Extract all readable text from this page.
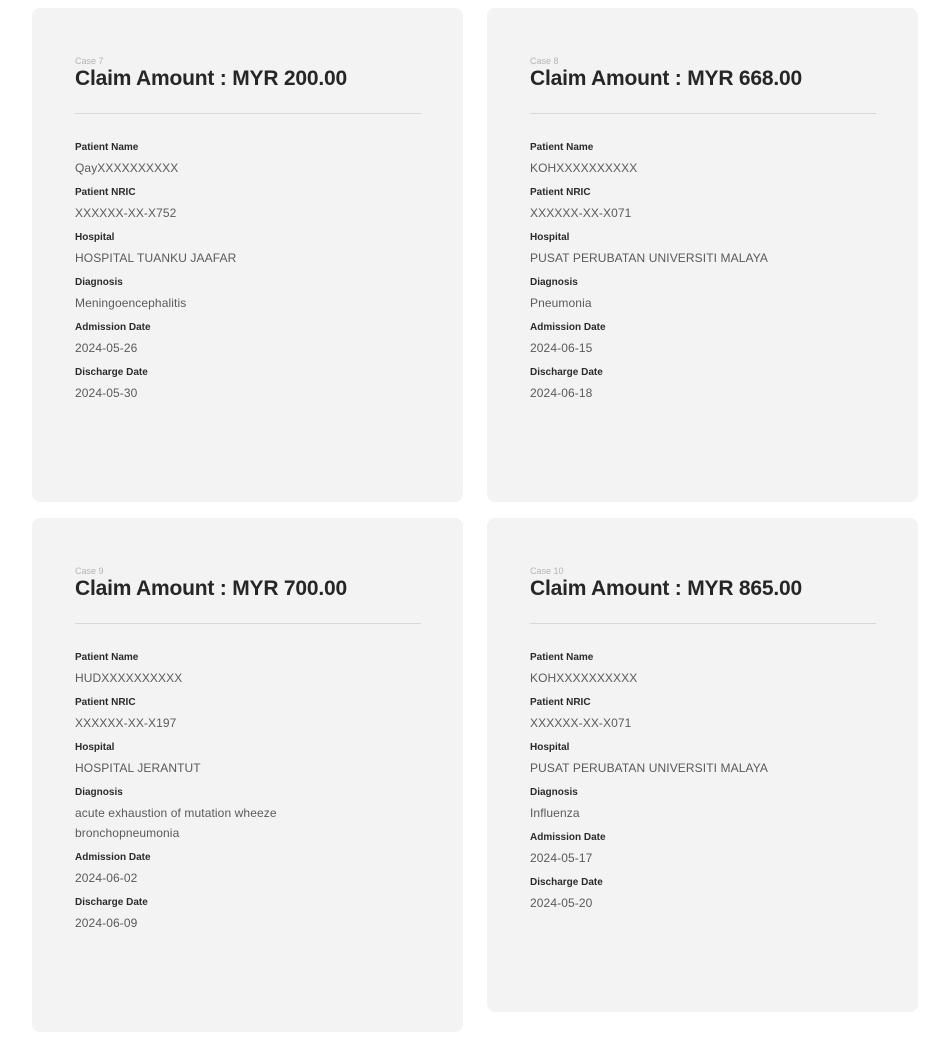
Case 7
Claim Amount : MYR 200.00
Patient Name
QayXXXXXXXXXX
Patient NRIC
XXXXXX-XX-X752
Hospital
HOSPITAL TUANKU JAAFAR
Diagnosis
Meningoencephalitis
Admission Date
2024-05-26
Discharge Date
2024-05-30
Case 8
Claim Amount : MYR 668.00
Patient Name
KOHXXXXXXXXXX
Patient NRIC
XXXXXX-XX-X071
Hospital
PUSAT PERUBATAN UNIVERSITI MALAYA
Diagnosis
Pneumonia
Admission Date
2024-06-15
Discharge Date
2024-06-18
Case 9
Claim Amount : MYR 700.00
Patient Name
HUDXXXXXXXXXX
Patient NRIC
XXXXXX-XX-X197
Hospital
HOSPITAL JERANTUT
Diagnosis
acute exhaustion of mutation wheeze bronchopneumonia
Admission Date
2024-06-02
Discharge Date
2024-06-09
Case 10
Claim Amount : MYR 865.00
Patient Name
KOHXXXXXXXXXX
Patient NRIC
XXXXXX-XX-X071
Hospital
PUSAT PERUBATAN UNIVERSITI MALAYA
Diagnosis
Influenza
Admission Date
2024-05-17
Discharge Date
2024-05-20
